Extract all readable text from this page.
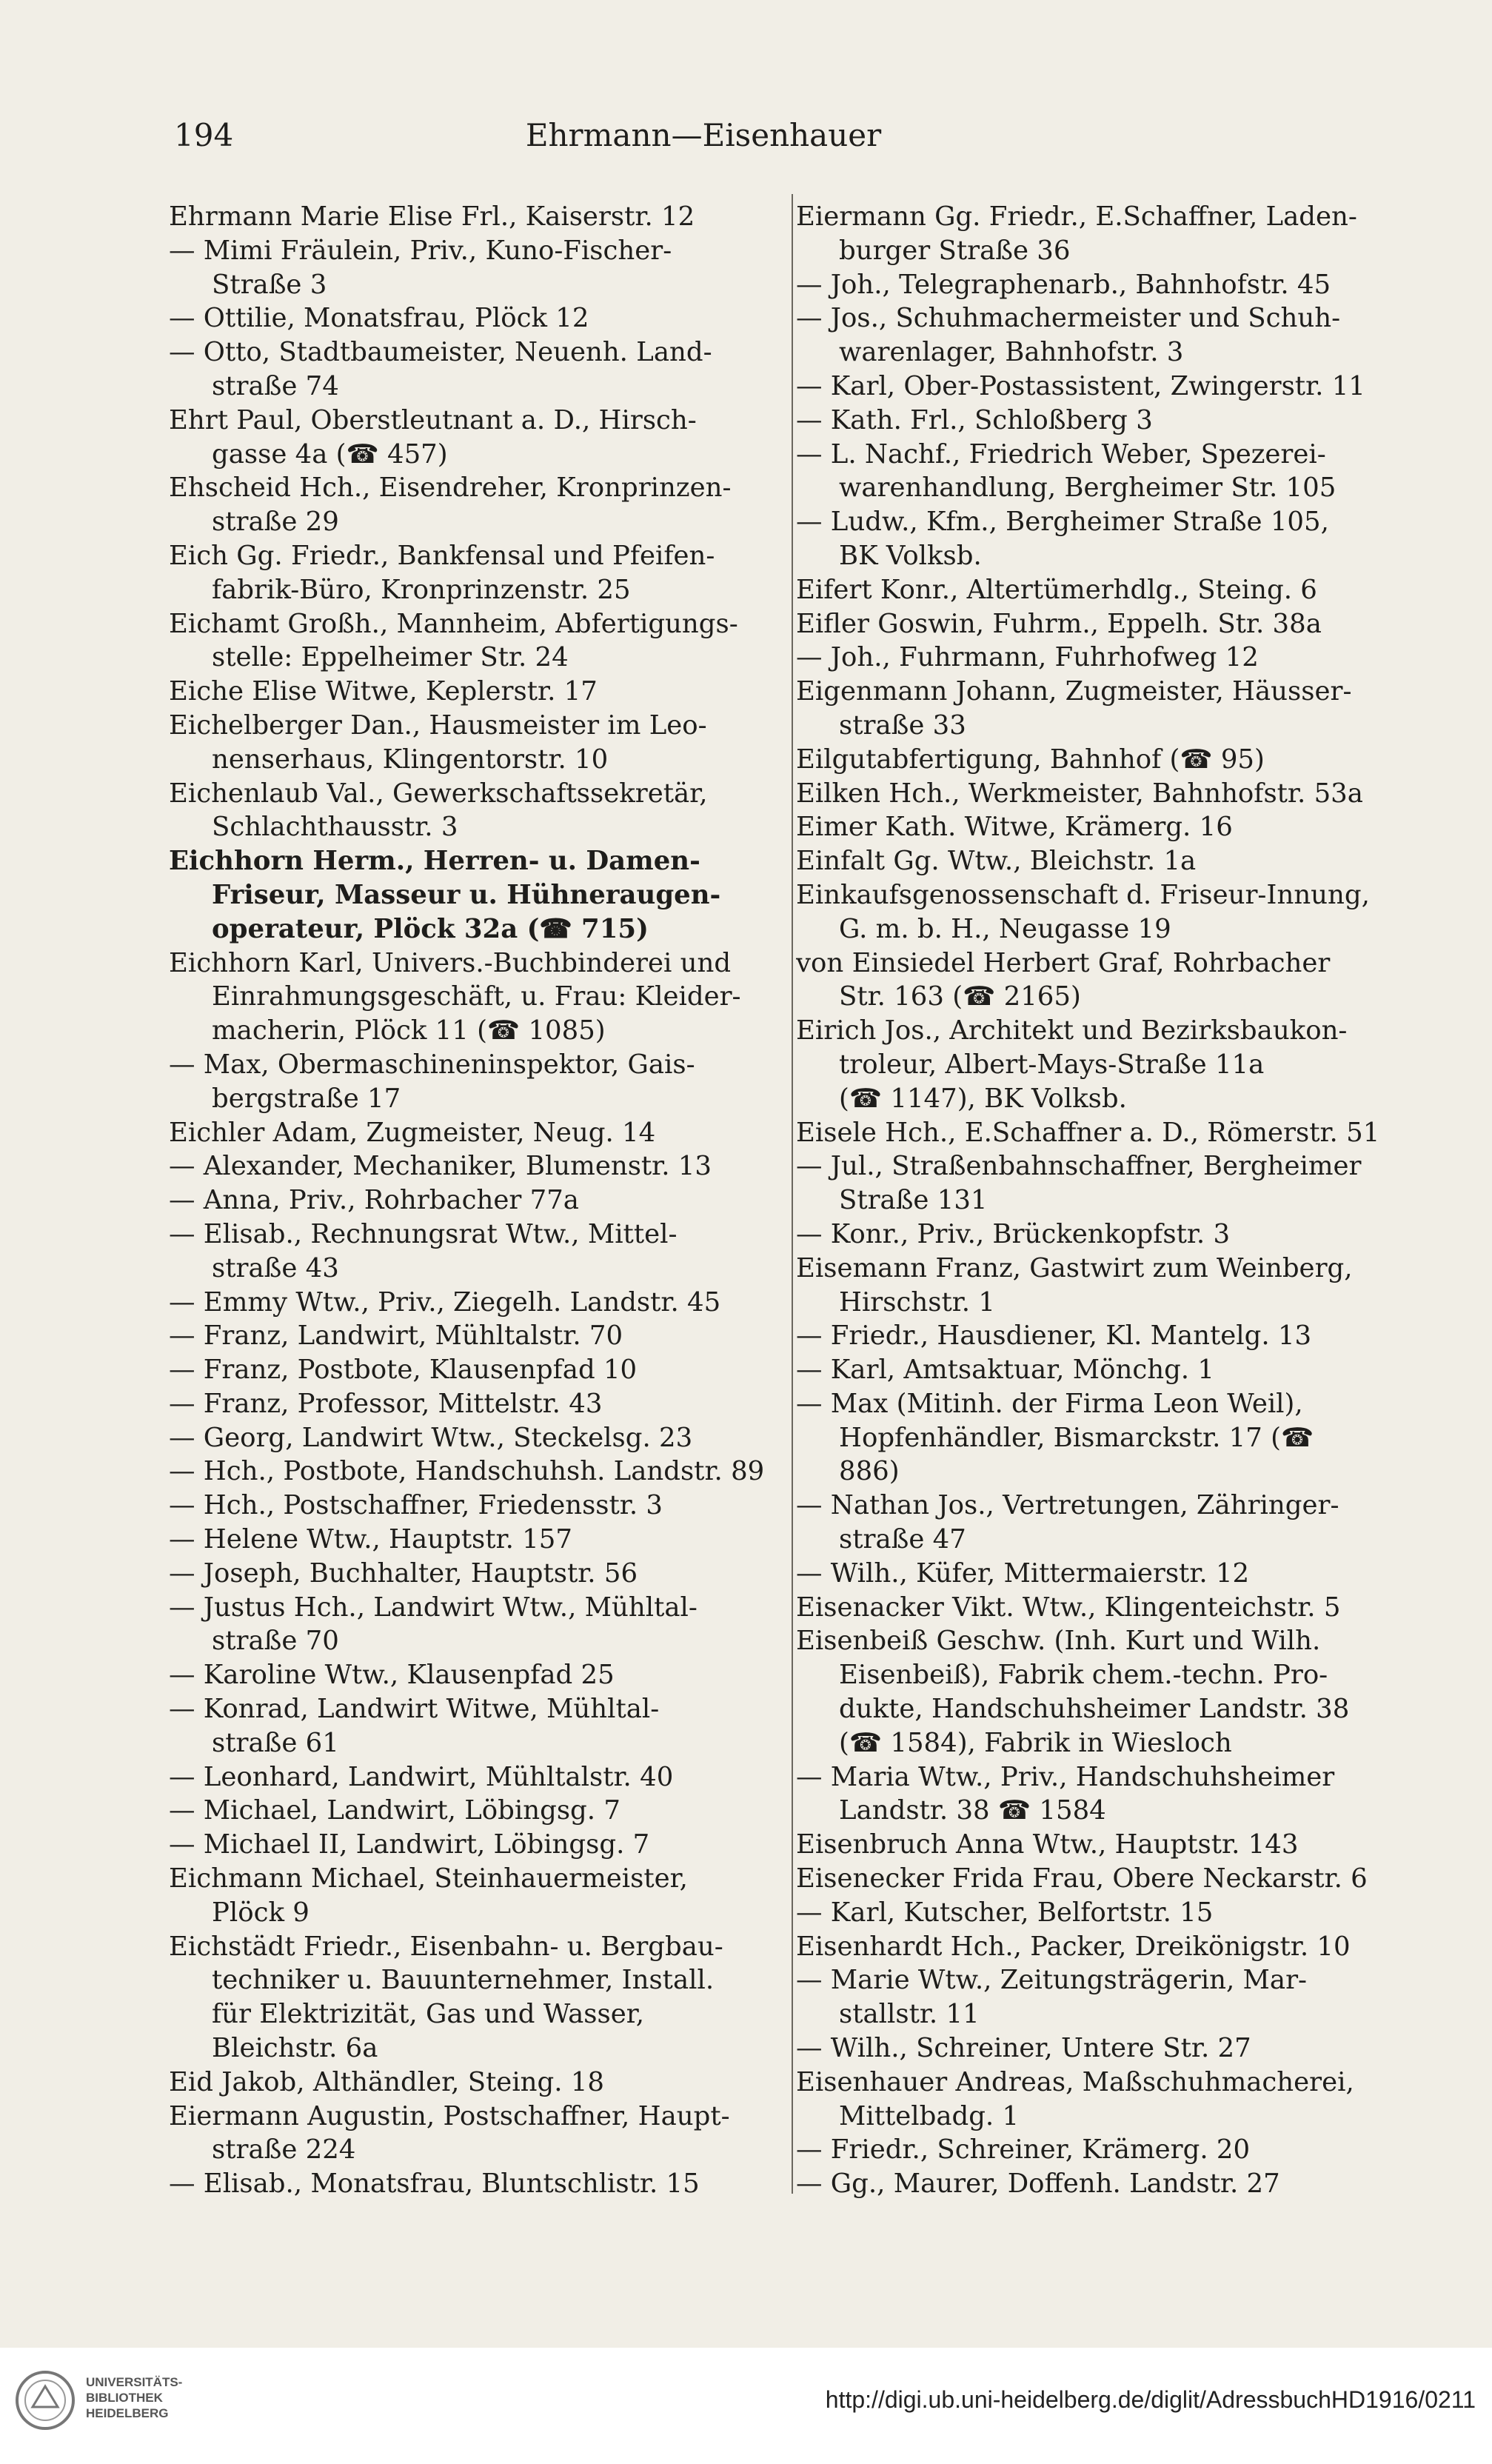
194	Ehrmann—Eisenhauer
Ehrmann Marie Elise Frl., Kaiserstr. 12
— Mimi Fräulein, Priv., Kuno-Fischer-
Straße 3
— Ottilie, Monatsfrau, Plöck 12
— Otto, Stadtbaumeister, Neuenh. Land-
straße 74
Ehrt Paul, Oberstleutnant a. D., Hirsch-
gasse 4a (☎ 457)
Ehscheid Hch., Eisendreher, Kronprinzen-
straße 29
Eich Gg. Friedr., Bankfensal und Pfeifen-
fabrik-Büro, Kronprinzenstr. 25
Eichamt Großh., Mannheim, Abfertigungs-
stelle: Eppelheimer Str. 24
Eiche Elise Witwe, Keplerstr. 17
Eichelberger Dan., Hausmeister im Leo-
nenserhaus, Klingentorstr. 10
Eichenlaub Val., Gewerkschaftssekretär,
Schlachthausstr. 3
Eichhorn Herm., Herren- u. Damen-
Friseur, Masseur u. Hühneraugen-
operateur, Plöck 32a (☎ 715)
Eichhorn Karl, Univers.-Buchbinderei und
Einrahmungsgeschäft, u. Frau: Kleider-
macherin, Plöck 11 (☎ 1085)
— Max, Obermaschineninspektor, Gais-
bergstraße 17
Eichler Adam, Zugmeister, Neug. 14
— Alexander, Mechaniker, Blumenstr. 13
— Anna, Priv., Rohrbacher 77a
— Elisab., Rechnungsrat Wtw., Mittel-
straße 43
— Emmy Wtw., Priv., Ziegelh. Landstr. 45
— Franz, Landwirt, Mühltalstr. 70
— Franz, Postbote, Klausenpfad 10
— Franz, Professor, Mittelstr. 43
— Georg, Landwirt Wtw., Steckelsg. 23
— Hch., Postbote, Handschuhsh. Landstr. 89
— Hch., Postschaffner, Friedensstr. 3
— Helene Wtw., Hauptstr. 157
— Joseph, Buchhalter, Hauptstr. 56
— Justus Hch., Landwirt Wtw., Mühltal-
straße 70
— Karoline Wtw., Klausenpfad 25
— Konrad, Landwirt Witwe, Mühltal-
straße 61
— Leonhard, Landwirt, Mühltalstr. 40
— Michael, Landwirt, Löbingsg. 7
— Michael II, Landwirt, Löbingsg. 7
Eichmann Michael, Steinhauermeister,
Plöck 9
Eichstädt Friedr., Eisenbahn- u. Bergbau-
techniker u. Bauunternehmer, Install.
für Elektrizität, Gas und Wasser,
Bleichstr. 6a
Eid Jakob, Althändler, Steing. 18
Eiermann Augustin, Postschaffner, Haupt-
straße 224
— Elisab., Monatsfrau, Bluntschlistr. 15
Eiermann Gg. Friedr., E.Schaffner, Laden-
burger Straße 36
— Joh., Telegraphenarb., Bahnhofstr. 45
— Jos., Schuhmachermeister und Schuh-
warenlager, Bahnhofstr. 3
— Karl, Ober-Postassistent, Zwingerstr. 11
— Kath. Frl., Schloßberg 3
— L. Nachf., Friedrich Weber, Spezerei-
warenhandlung, Bergheimer Str. 105
— Ludw., Kfm., Bergheimer Straße 105,
BK Volksb.
Eifert Konr., Altertümerhdlg., Steing. 6
Eifler Goswin, Fuhrm., Eppelh. Str. 38a
— Joh., Fuhrmann, Fuhrhofweg 12
Eigenmann Johann, Zugmeister, Häusser-
straße 33
Eilgutabfertigung, Bahnhof (☎ 95)
Eilken Hch., Werkmeister, Bahnhofstr. 53a
Eimer Kath. Witwe, Krämerg. 16
Einfalt Gg. Wtw., Bleichstr. 1a
Einkaufsgenossenschaft d. Friseur-Innung,
G. m. b. H., Neugasse 19
von Einsiedel Herbert Graf, Rohrbacher
Str. 163 (☎ 2165)
Eirich Jos., Architekt und Bezirksbaukon-
troleur, Albert-Mays-Straße 11a
(☎ 1147), BK Volksb.
Eisele Hch., E.Schaffner a. D., Römerstr. 51
— Jul., Straßenbahnschaffner, Bergheimer
Straße 131
— Konr., Priv., Brückenkopfstr. 3
Eisemann Franz, Gastwirt zum Weinberg,
Hirschstr. 1
— Friedr., Hausdiener, Kl. Mantelg. 13
— Karl, Amtsaktuar, Mönchg. 1
— Max (Mitinh. der Firma Leon Weil),
Hopfenhändler, Bismarckstr. 17 (☎
886)
— Nathan Jos., Vertretungen, Zähringer-
straße 47
— Wilh., Küfer, Mittermaierstr. 12
Eisenacker Vikt. Wtw., Klingenteichstr. 5
Eisenbeiß Geschw. (Inh. Kurt und Wilh.
Eisenbeiß), Fabrik chem.-techn. Pro-
dukte, Handschuhsheimer Landstr. 38
(☎ 1584), Fabrik in Wiesloch
— Maria Wtw., Priv., Handschuhsheimer
Landstr. 38 ☎ 1584
Eisenbruch Anna Wtw., Hauptstr. 143
Eisenecker Frida Frau, Obere Neckarstr. 6
— Karl, Kutscher, Belfortstr. 15
Eisenhardt Hch., Packer, Dreikönigstr. 10
— Marie Wtw., Zeitungsträgerin, Mar-
stallstr. 11
— Wilh., Schreiner, Untere Str. 27
Eisenhauer Andreas, Maßschuhmacherei,
Mittelbadg. 1
— Friedr., Schreiner, Krämerg. 20
— Gg., Maurer, Doffenh. Landstr. 27
UNIVERSITÄTS-
BIBLIOTHEK
HEIDELBERG
http://digi.ub.uni-heidelberg.de/diglit/AdressbuchHD1916/0211
